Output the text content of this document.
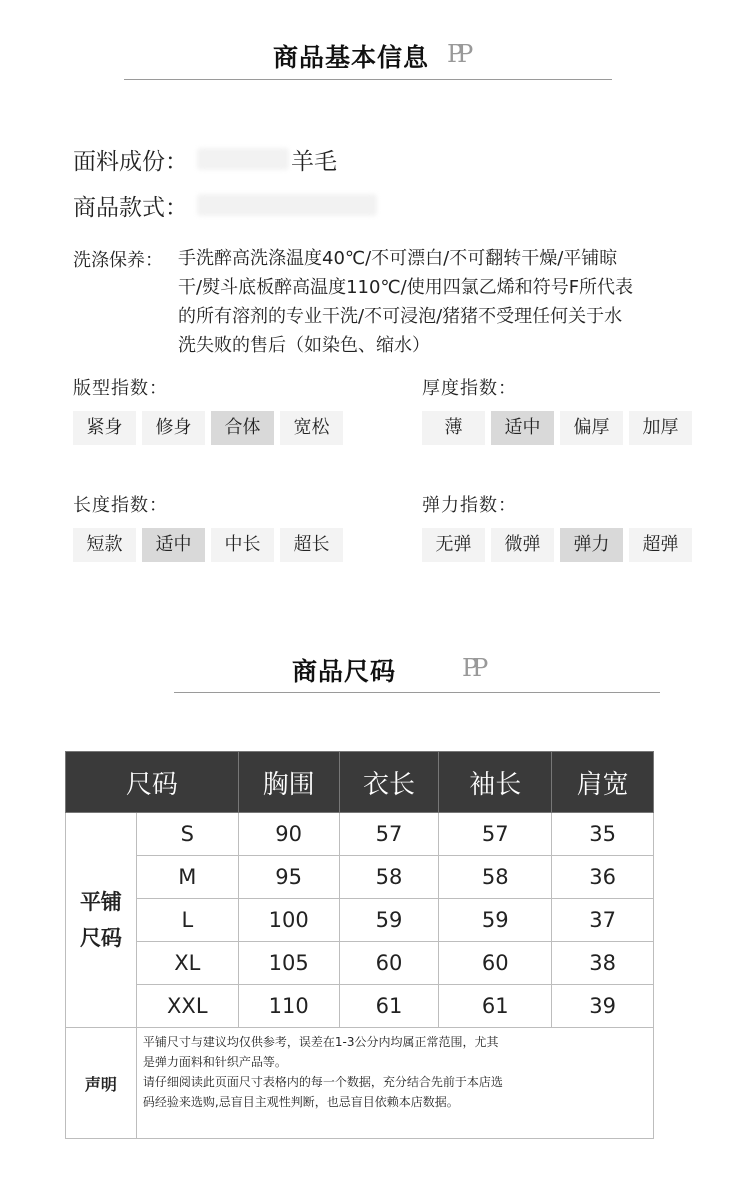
商品基本信息 PP
面料成份：	羊毛
商品款式：
洗涤保养： 手洗醉高洗涤温度40℃/不可漂白/不可翻转干燥/平铺晾
干/熨斗底板醉高温度110℃/使用四氯乙烯和符号F所代表
的所有溶剂的专业干洗/不可浸泡/猪猪不受理任何关于水
洗失败的售后（如染色、缩水）
版型指数：
紧身	修身	合体	宽松
厚度指数：
薄	适中	偏厚	加厚
长度指数：
短款	适中	中长	超长
弹力指数：
无弹	微弹	弹力	超弹
商品尺码	PP
尺码		胸围	衣长	袖长	肩宽

平铺
尺码	S	90	57	57	35
	M	95	58	58	36
	L	100	59	59	37
	XL	105	60	60	38
	XXL	110	61	61	39
声明	平铺尺寸与建议均仅供参考，误差在1-3公分内均属正常范围，尤其
是弹力面料和针织产品等。
请仔细阅读此页面尺寸表格内的每一个数据，充分结合先前于本店选
码经验来选购,忌盲目主观性判断，也忌盲目依赖本店数据。				
